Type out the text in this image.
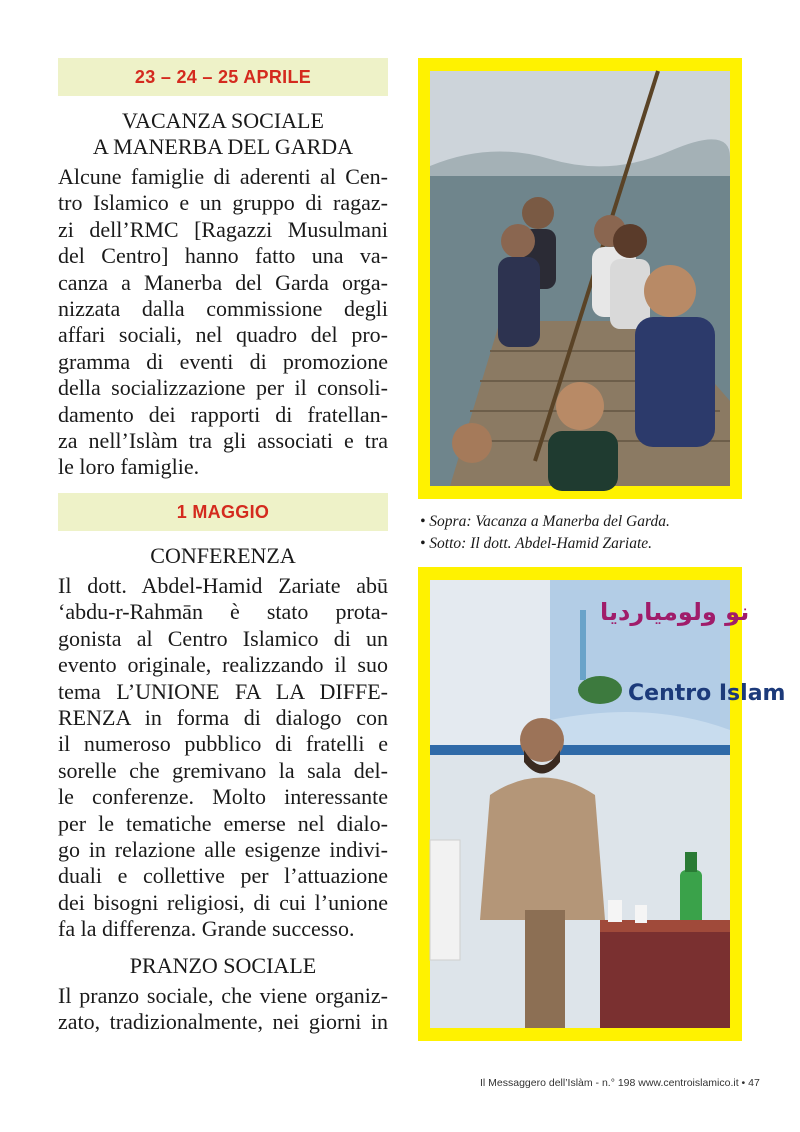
23 – 24 – 25 APRILE
VACANZA SOCIALE
A MANERBA DEL GARDA
Alcune famiglie di aderenti al Cen-
tro Islamico e un gruppo di ragaz-
zi dell’RMC [Ragazzi Musulmani
del Centro] hanno fatto una va-
canza a Manerba del Garda orga-
nizzata dalla commissione degli
affari sociali, nel quadro del pro-
gramma di eventi di promozione
della socializzazione per il consoli-
damento dei rapporti di fratellan-
za nell’Islàm tra gli associati e tra
le loro famiglie.
1 MAGGIO
CONFERENZA
Il dott. Abdel-Hamid Zariate abū
‘abdu-r-Rahmān è stato prota-
gonista al Centro Islamico di un
evento originale, realizzando il suo
tema L’UNIONE FA LA DIFFE-
RENZA in forma di dialogo con
il numeroso pubblico di fratelli e
sorelle che gremivano la sala del-
le conferenze. Molto interessante
per le tematiche emerse nel dialo-
go in relazione alle esigenze indivi-
duali e collettive per l’attuazione
dei bisogni religiosi, di cui l’unione
fa la differenza. Grande successo.
PRANZO SOCIALE
Il pranzo sociale, che viene organiz-
zato, tradizionalmente, nei giorni in
• Sopra: Vacanza a Manerba del Garda.
• Sotto: Il dott. Abdel-Hamid Zariate.
نو ولوميارديا
Centro Islam
Il Messaggero dell’Islàm - n.° 198 www.centroislamico.it • 47
